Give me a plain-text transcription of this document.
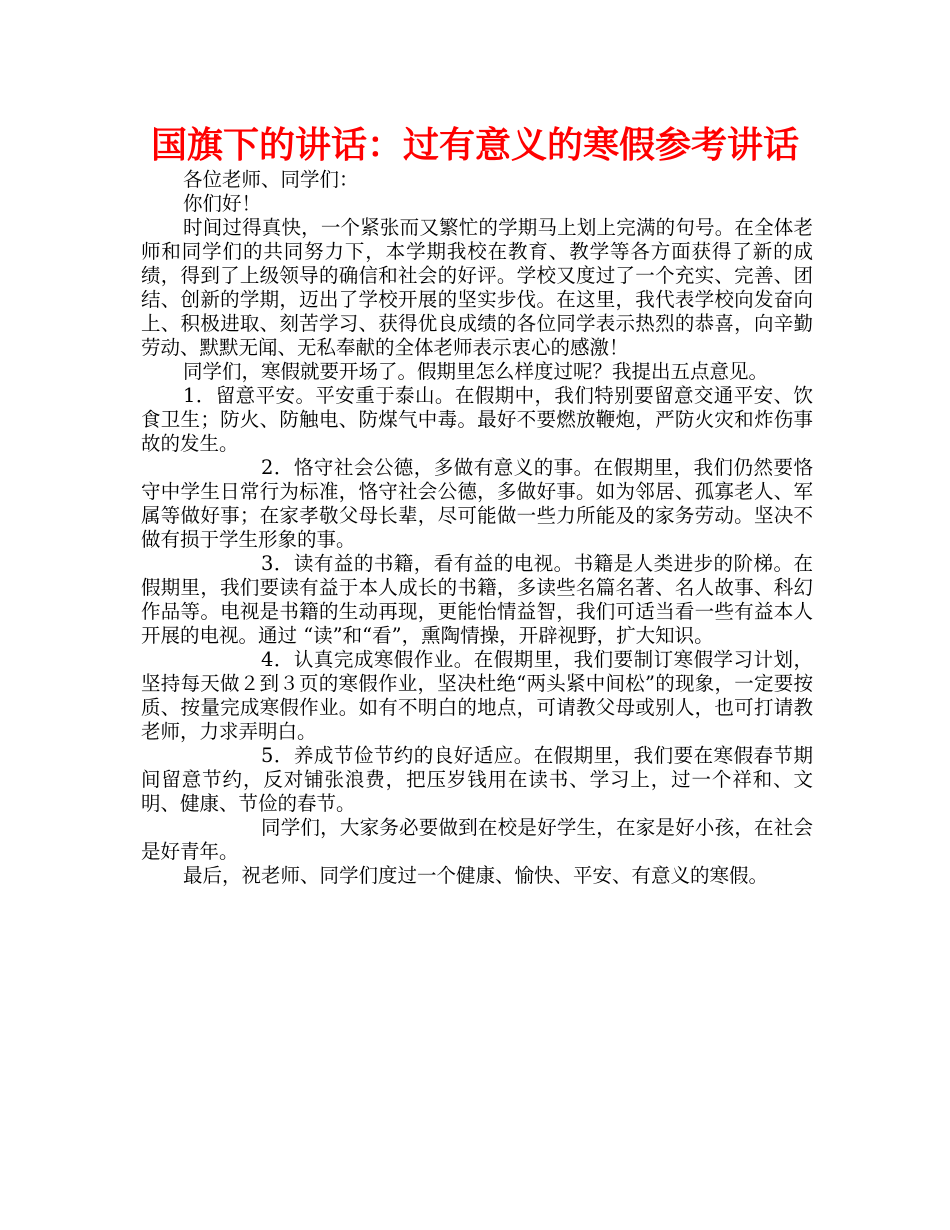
国旗下的讲话：过有意义的寒假参考讲话

各位老师、同学们：

你们好！

时间过得真快，一个紧张而又繁忙的学期马上划上完满的句号。在全体老师和同学们的共同努力下，本学期我校在教育、教学等各方面获得了新的成绩，得到了上级领导的确信和社会的好评。学校又度过了一个充实、完善、团结、创新的学期，迈出了学校开展的坚实步伐。在这里，我代表学校向发奋向上、积极进取、刻苦学习、获得优良成绩的各位同学表示热烈的恭喜，向辛勤劳动、默默无闻、无私奉献的全体老师表示衷心的感激！

同学们，寒假就要开场了。假期里怎么样度过呢？我提出五点意见。

1．留意平安。平安重于泰山。在假期中，我们特别要留意交通平安、饮食卫生；防火、防触电、防煤气中毒。最好不要燃放鞭炮，严防火灾和炸伤事故的发生。

2．恪守社会公德，多做有意义的事。在假期里，我们仍然要恪守中学生日常行为标准，恪守社会公德，多做好事。如为邻居、孤寡老人、军属等做好事；在家孝敬父母长辈，尽可能做一些力所能及的家务劳动。坚决不做有损于学生形象的事。

3．读有益的书籍，看有益的电视。书籍是人类进步的阶梯。在假期里，我们要读有益于本人成长的书籍，多读些名篇名著、名人故事、科幻作品等。电视是书籍的生动再现，更能怡情益智，我们可适当看一些有益本人开展的电视。通过 “读”和“看”，熏陶情操，开辟视野，扩大知识。

4．认真完成寒假作业。在假期里，我们要制订寒假学习计划，坚持每天做２到３页的寒假作业，坚决杜绝“两头紧中间松”的现象，一定要按质、按量完成寒假作业。如有不明白的地点，可请教父母或别人，也可打请教老师，力求弄明白。

5．养成节俭节约的良好适应。在假期里，我们要在寒假春节期间留意节约，反对铺张浪费，把压岁钱用在读书、学习上，过一个祥和、文明、健康、节俭的春节。

同学们，大家务必要做到在校是好学生，在家是好小孩，在社会是好青年。

最后，祝老师、同学们度过一个健康、愉快、平安、有意义的寒假。
